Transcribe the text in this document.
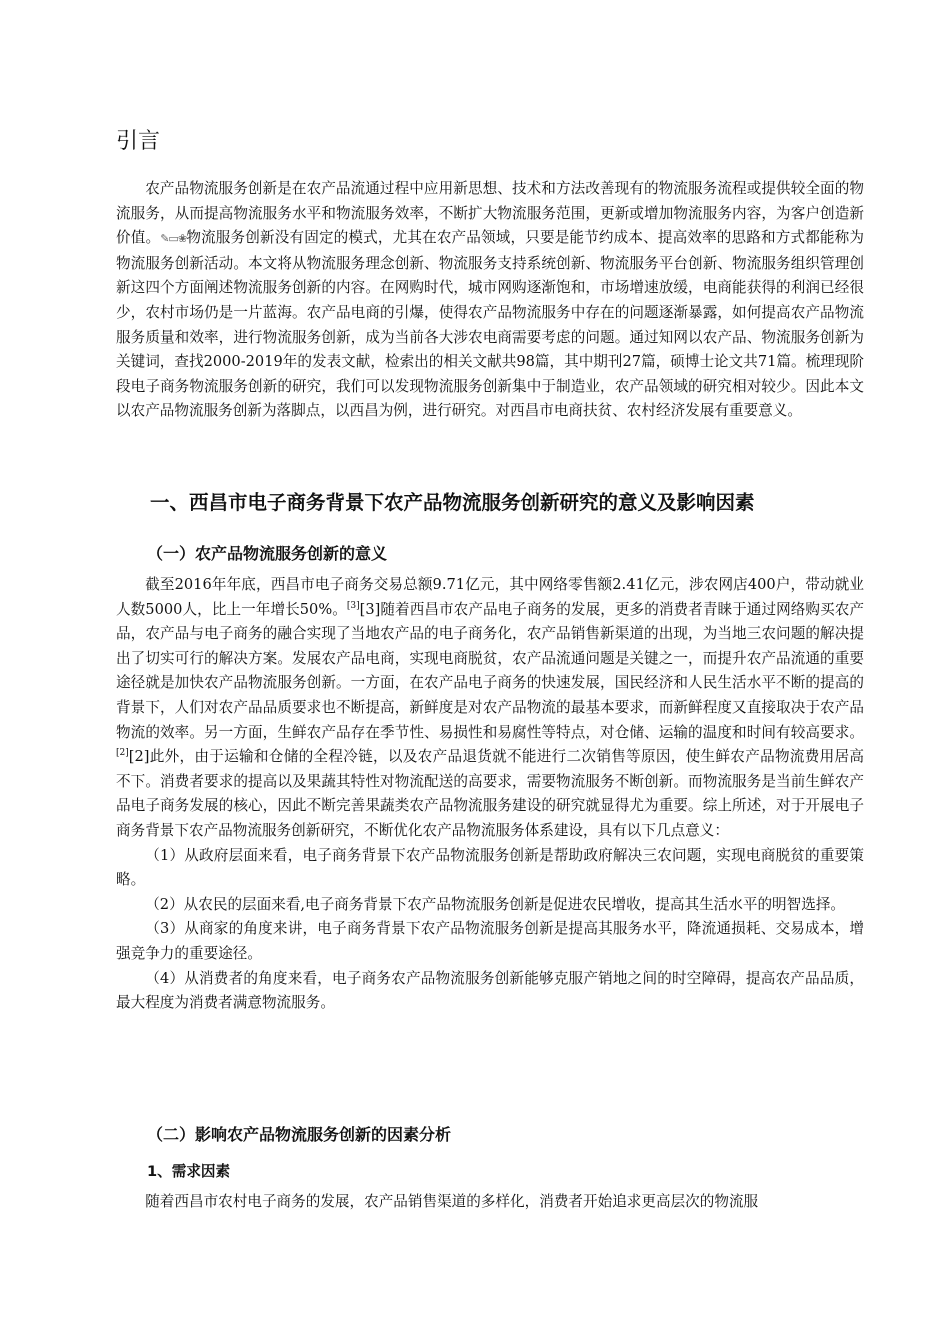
引言

农产品物流服务创新是在农产品流通过程中应用新思想、技术和方法改善现有的物流服务流程或提供较全面的物流服务，从而提高物流服务水平和物流服务效率，不断扩大物流服务范围，更新或增加物流服务内容，为客户创造新价值。✎▭❀物流服务创新没有固定的模式，尤其在农产品领域，只要是能节约成本、提高效率的思路和方式都能称为物流服务创新活动。本文将从物流服务理念创新、物流服务支持系统创新、物流服务平台创新、物流服务组织管理创新这四个方面阐述物流服务创新的内容。在网购时代，城市网购逐渐饱和，市场增速放缓，电商能获得的利润已经很少，农村市场仍是一片蓝海。农产品电商的引爆，使得农产品物流服务中存在的问题逐渐暴露，如何提高农产品物流服务质量和效率，进行物流服务创新，成为当前各大涉农电商需要考虑的问题。通过知网以农产品、物流服务创新为关键词，查找2000-2019年的发表文献，检索出的相关文献共98篇，其中期刊27篇，硕博士论文共71篇。梳理现阶段电子商务物流服务创新的研究，我们可以发现物流服务创新集中于制造业，农产品领域的研究相对较少。因此本文以农产品物流服务创新为落脚点，以西昌为例，进行研究。对西昌市电商扶贫、农村经济发展有重要意义。

一、西昌市电子商务背景下农产品物流服务创新研究的意义及影响因素
（一）农产品物流服务创新的意义

截至2016年年底，西昌市电子商务交易总额9.71亿元，其中网络零售额2.41亿元，涉农网店400户，带动就业人数5000人，比上一年增长50%。[3][3]随着西昌市农产品电子商务的发展，更多的消费者青睐于通过网络购买农产品，农产品与电子商务的融合实现了当地农产品的电子商务化，农产品销售新渠道的出现，为当地三农问题的解决提出了切实可行的解决方案。发展农产品电商，实现电商脱贫，农产品流通问题是关键之一，而提升农产品流通的重要途径就是加快农产品物流服务创新。一方面，在农产品电子商务的快速发展，国民经济和人民生活水平不断的提高的背景下，人们对农产品品质要求也不断提高，新鲜度是对农产品物流的最基本要求，而新鲜程度又直接取决于农产品物流的效率。另一方面，生鲜农产品存在季节性、易损性和易腐性等特点，对仓储、运输的温度和时间有较高要求。[2][2]此外，由于运输和仓储的全程冷链，以及农产品退货就不能进行二次销售等原因，使生鲜农产品物流费用居高不下。消费者要求的提高以及果蔬其特性对物流配送的高要求，需要物流服务不断创新。而物流服务是当前生鲜农产品电子商务发展的核心，因此不断完善果蔬类农产品物流服务建设的研究就显得尤为重要。综上所述，对于开展电子商务背景下农产品物流服务创新研究，不断优化农产品物流服务体系建设，具有以下几点意义：

（1）从政府层面来看，电子商务背景下农产品物流服务创新是帮助政府解决三农问题，实现电商脱贫的重要策略。

（2）从农民的层面来看,电子商务背景下农产品物流服务创新是促进农民增收，提高其生活水平的明智选择。

（3）从商家的角度来讲，电子商务背景下农产品物流服务创新是提高其服务水平，降流通损耗、交易成本，增强竞争力的重要途径。

（4）从消费者的角度来看，电子商务农产品物流服务创新能够克服产销地之间的时空障碍，提高农产品品质，最大程度为消费者满意物流服务。

（二）影响农产品物流服务创新的因素分析
1、需求因素

随着西昌市农村电子商务的发展，农产品销售渠道的多样化，消费者开始追求更高层次的物流服
